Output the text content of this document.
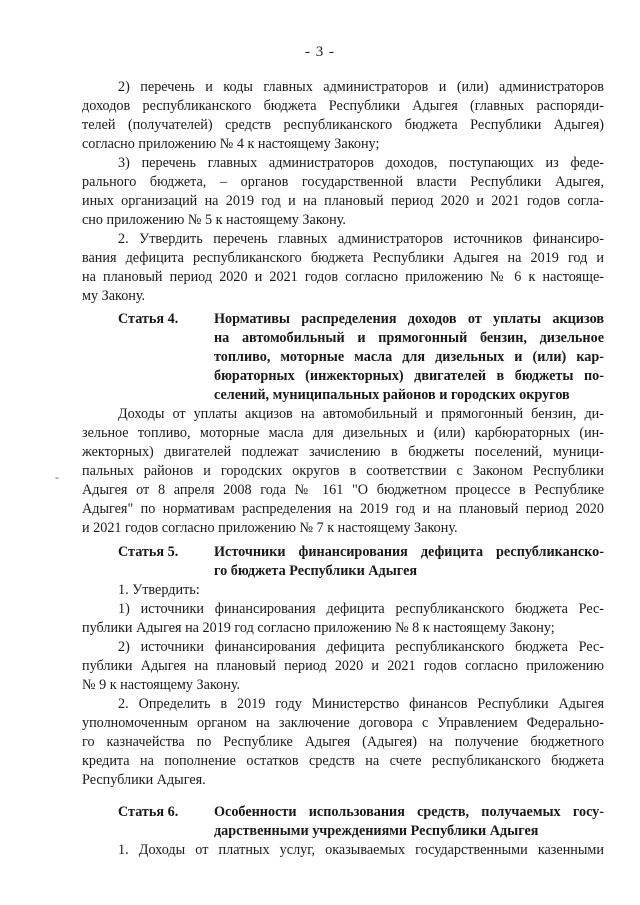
- 3 -
-
2) перечень и коды главных администраторов и (или) администраторов
доходов республиканского бюджета Республики Адыгея (главных распоряди-
телей (получателей) средств республиканского бюджета Республики Адыгея)
согласно приложению № 4 к настоящему Закону;
3) перечень главных администраторов доходов, поступающих из феде-
рального бюджета, – органов государственной власти Республики Адыгея,
иных организаций на 2019 год и на плановый период 2020 и 2021 годов согла-
сно приложению № 5 к настоящему Закону.
2. Утвердить перечень главных администраторов источников финансиро-
вания дефицита республиканского бюджета Республики Адыгея на 2019 год и
на плановый период 2020 и 2021 годов согласно приложению № 6 к настояще-
му Закону.
Статья 4.	Нормативы распределения доходов от уплаты акцизов
на автомобильный и прямогонный бензин, дизельное
топливо, моторные масла для дизельных и (или) кар-
бюраторных (инжекторных) двигателей в бюджеты по-
селений, муниципальных районов и городских округов
Доходы от уплаты акцизов на автомобильный и прямогонный бензин, ди-
зельное топливо, моторные масла для дизельных и (или) карбюраторных (ин-
жекторных) двигателей подлежат зачислению в бюджеты поселений, муници-
пальных районов и городских округов в соответствии с Законом Республики
Адыгея от 8 апреля 2008 года № 161 "О бюджетном процессе в Республике
Адыгея" по нормативам распределения на 2019 год и на плановый период 2020
и 2021 годов согласно приложению № 7 к настоящему Закону.
Статья 5.	Источники финансирования дефицита республиканско-
го бюджета Республики Адыгея
1. Утвердить:
1) источники финансирования дефицита республиканского бюджета Рес-
публики Адыгея на 2019 год согласно приложению № 8 к настоящему Закону;
2) источники финансирования дефицита республиканского бюджета Рес-
публики Адыгея на плановый период 2020 и 2021 годов согласно приложению
№ 9 к настоящему Закону.
2. Определить в 2019 году Министерство финансов Республики Адыгея
уполномоченным органом на заключение договора с Управлением Федерально-
го казначейства по Республике Адыгея (Адыгея) на получение бюджетного
кредита на пополнение остатков средств на счете республиканского бюджета
Республики Адыгея.
Статья 6.	Особенности использования средств, получаемых госу-
дарственными учреждениями Республики Адыгея
1. Доходы от платных услуг, оказываемых государственными казенными
